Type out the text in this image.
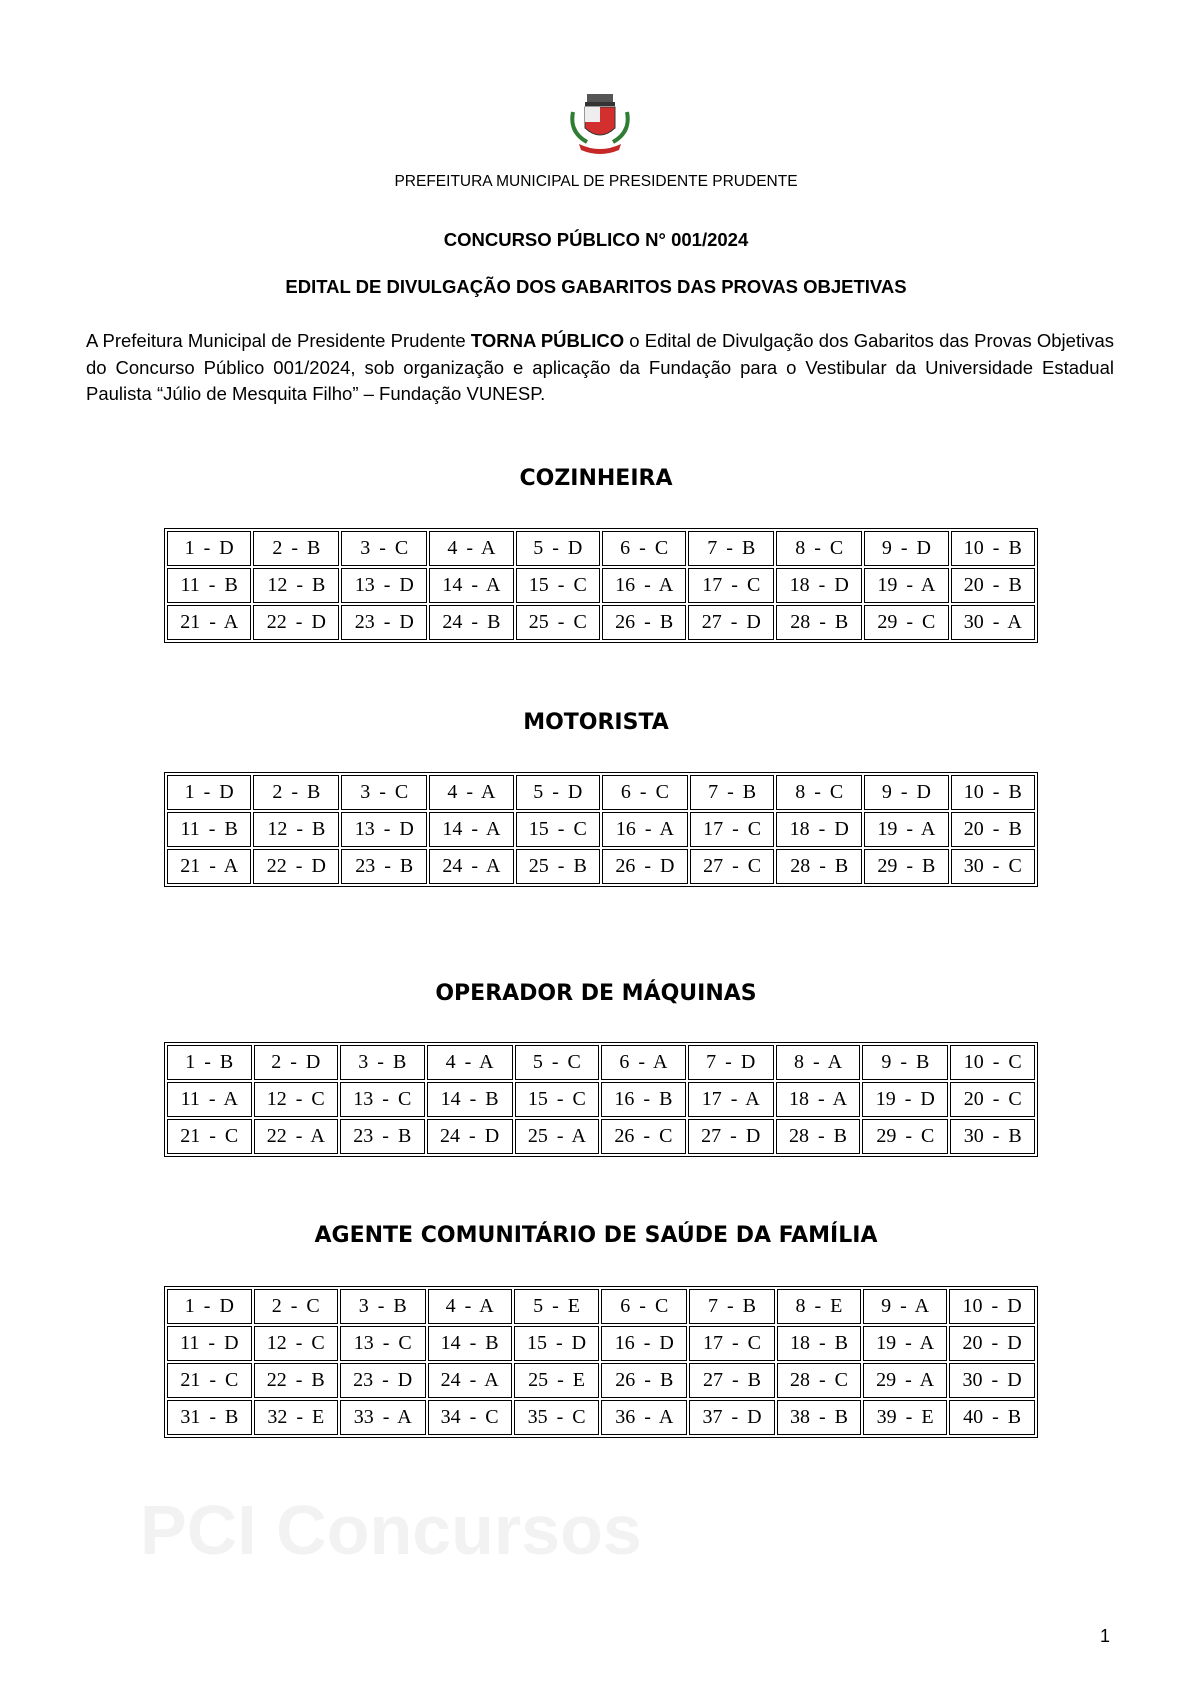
PCI Concursos
PREFEITURA MUNICIPAL DE PRESIDENTE PRUDENTE
CONCURSO PÚBLICO N° 001/2024
EDITAL DE DIVULGAÇÃO DOS GABARITOS DAS PROVAS OBJETIVAS
A Prefeitura Municipal de Presidente Prudente TORNA PÚBLICO o Edital de Divulgação dos Gabaritos das Provas Objetivas do Concurso Público 001/2024, sob organização e aplicação da Fundação para o Vestibular da Universidade Estadual Paulista “Júlio de Mesquita Filho” – Fundação VUNESP.
COZINHEIRA
1 - D	2 - B	3 - C	4 - A	5 - D	6 - C	7 - B	8 - C	9 - D	10 - B
11 - B	12 - B	13 - D	14 - A	15 - C	16 - A	17 - C	18 - D	19 - A	20 - B
21 - A	22 - D	23 - D	24 - B	25 - C	26 - B	27 - D	28 - B	29 - C	30 - A
MOTORISTA
1 - D	2 - B	3 - C	4 - A	5 - D	6 - C	7 - B	8 - C	9 - D	10 - B
11 - B	12 - B	13 - D	14 - A	15 - C	16 - A	17 - C	18 - D	19 - A	20 - B
21 - A	22 - D	23 - B	24 - A	25 - B	26 - D	27 - C	28 - B	29 - B	30 - C
OPERADOR DE MÁQUINAS
1 - B	2 - D	3 - B	4 - A	5 - C	6 - A	7 - D	8 - A	9 - B	10 - C
11 - A	12 - C	13 - C	14 - B	15 - C	16 - B	17 - A	18 - A	19 - D	20 - C
21 - C	22 - A	23 - B	24 - D	25 - A	26 - C	27 - D	28 - B	29 - C	30 - B
AGENTE COMUNITÁRIO DE SAÚDE DA FAMÍLIA
1 - D	2 - C	3 - B	4 - A	5 - E	6 - C	7 - B	8 - E	9 - A	10 - D
11 - D	12 - C	13 - C	14 - B	15 - D	16 - D	17 - C	18 - B	19 - A	20 - D
21 - C	22 - B	23 - D	24 - A	25 - E	26 - B	27 - B	28 - C	29 - A	30 - D
31 - B	32 - E	33 - A	34 - C	35 - C	36 - A	37 - D	38 - B	39 - E	40 - B
1
